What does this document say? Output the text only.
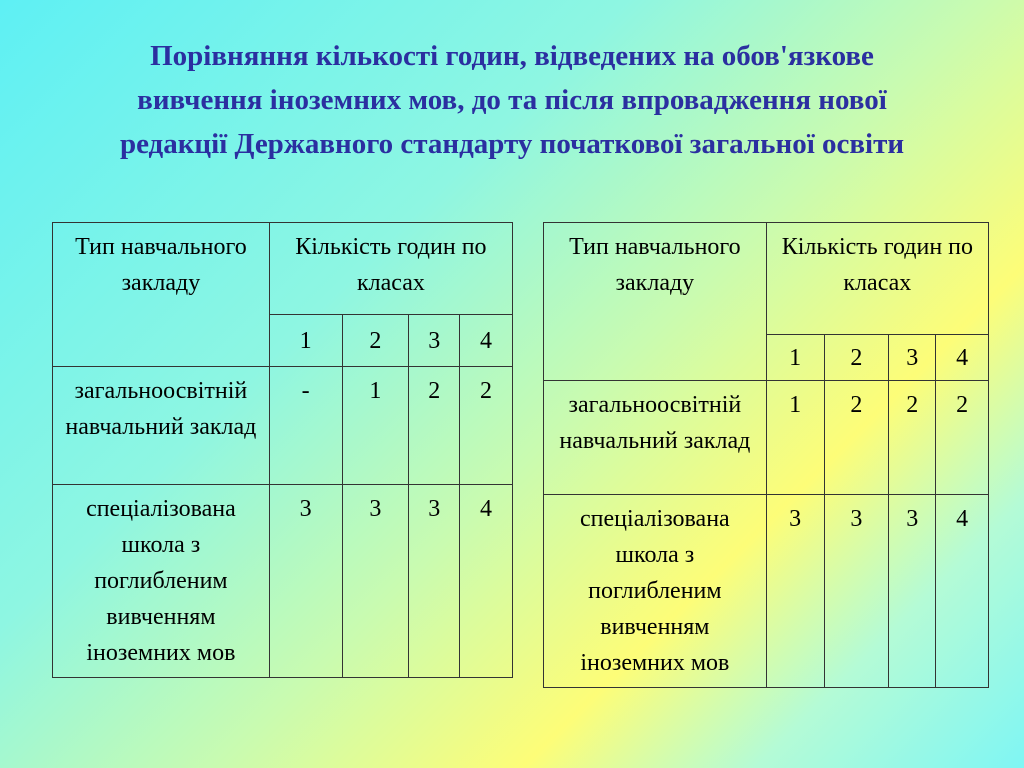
Порівняння кількості годин, відведених на обов'язкове
вивчення іноземних мов, до та після впровадження нової
редакції Державного стандарту початкової загальної освіти
Тип навчального закладу	Кількість годин по класах			
	1	2	3	4
загальноосвітній навчальний заклад	-	1	2	2
спеціалізована школа з поглибленим вивченням іноземних мов	3	3	3	4
Тип навчального закладу	Кількість годин по класах			
	1	2	3	4
загальноосвітній навчальний заклад	1	2	2	2
спеціалізована школа з поглибленим вивченням іноземних мов	3	3	3	4
